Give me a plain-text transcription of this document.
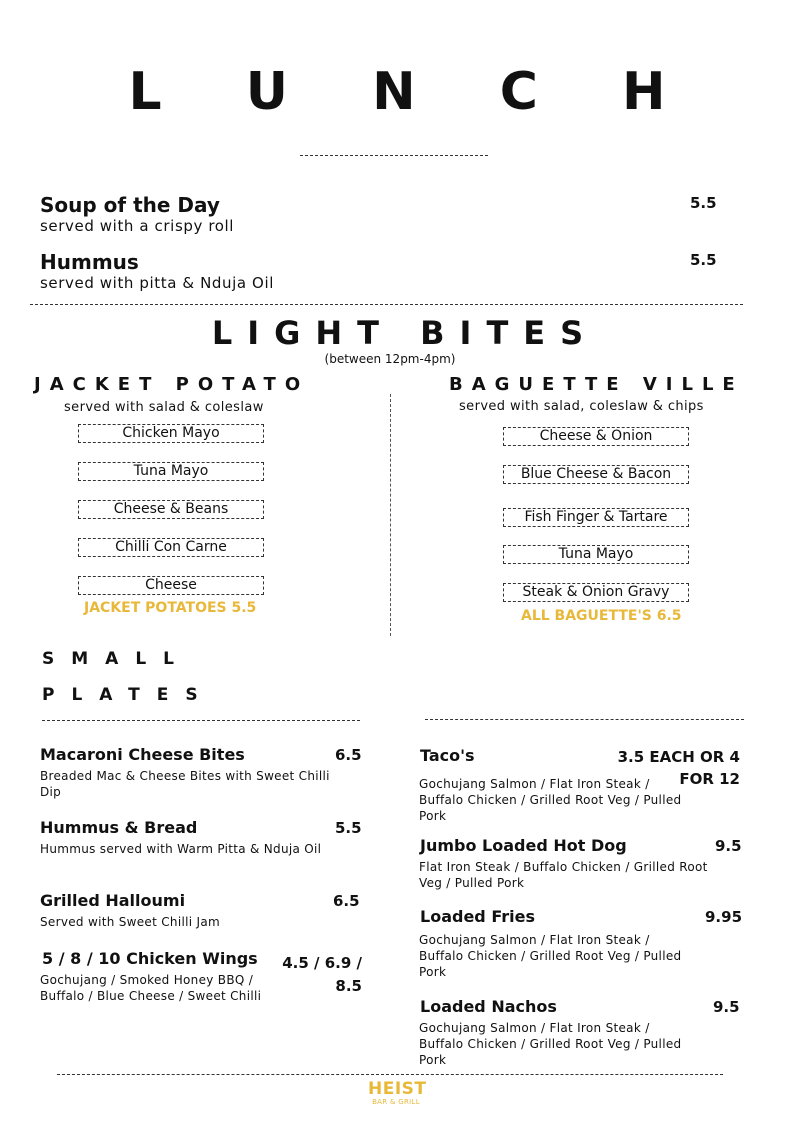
L U N C H
Soup of the Day
served with a crispy roll
5.5
Hummus
served with pitta & Nduja Oil
5.5
LIGHT BITES
(between 12pm-4pm)
JACKET POTATO
served with salad & coleslaw
Chicken Mayo
Tuna Mayo
Cheese & Beans
Chilli Con Carne
Cheese
JACKET POTATOES 5.5
BAGUETTE VILLE
served with salad, coleslaw & chips
Cheese & Onion
Blue Cheese & Bacon
Fish Finger & Tartare
Tuna Mayo
Steak & Onion Gravy
ALL BAGUETTE'S 6.5
SMALL
PLATES
Macaroni Cheese Bites	6.5
Breaded Mac & Cheese Bites with Sweet Chilli Dip
Hummus & Bread	5.5
Hummus served with Warm Pitta & Nduja Oil
Grilled Halloumi	6.5
Served with Sweet Chilli Jam
5 / 8 / 10 Chicken Wings 4.5 / 6.9 / 8.5
Gochujang / Smoked Honey BBQ / Buffalo / Blue Cheese / Sweet Chilli
Taco's	3.5 EACH OR 4 FOR 12
Gochujang Salmon / Flat Iron Steak / Buffalo Chicken / Grilled Root Veg / Pulled Pork
Jumbo Loaded Hot Dog	9.5
Flat Iron Steak / Buffalo Chicken / Grilled Root Veg / Pulled Pork
Loaded Fries	9.95
Gochujang Salmon / Flat Iron Steak / Buffalo Chicken / Grilled Root Veg / Pulled Pork
Loaded Nachos	9.5
Gochujang Salmon / Flat Iron Steak / Buffalo Chicken / Grilled Root Veg / Pulled Pork
HEIST
BAR & GRILL
